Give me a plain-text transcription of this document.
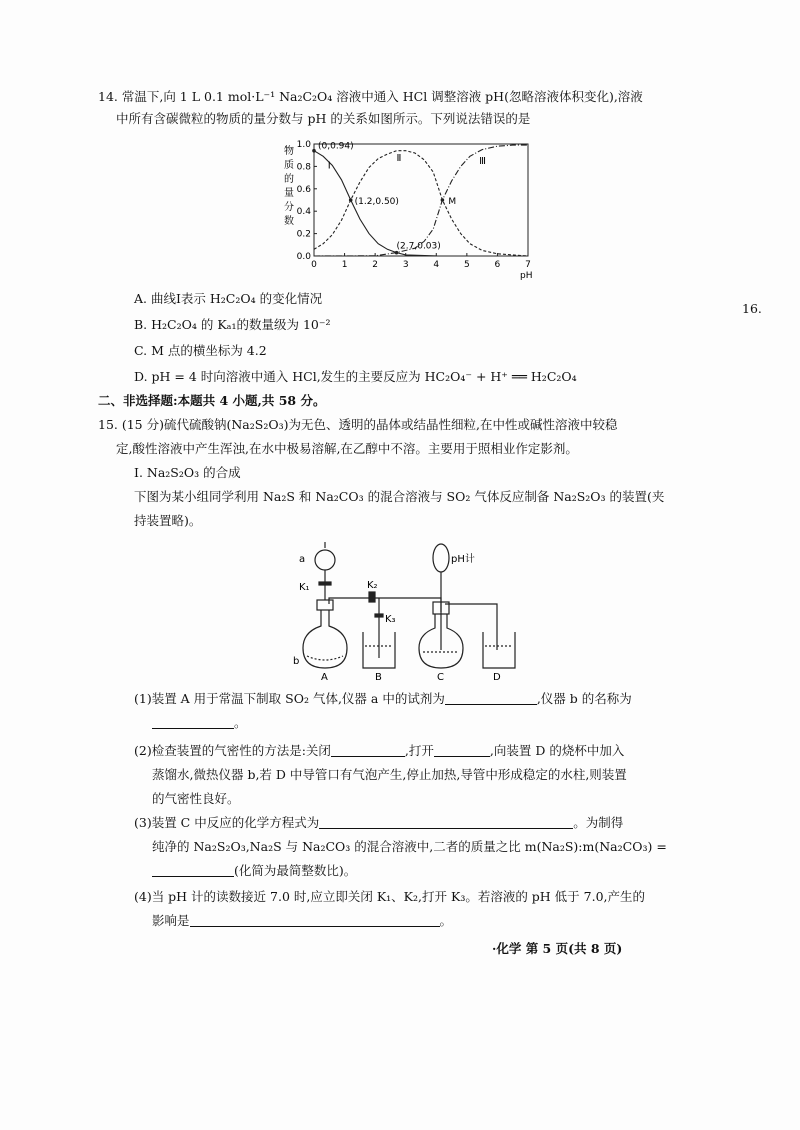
14. 常温下,向 1 L 0.1 mol·L⁻¹ Na₂C₂O₄ 溶液中通入 HCl 调整溶液 pH(忽略溶液体积变化),溶液
中所有含碳微粒的物质的量分数与 pH 的关系如图所示。下列说法错误的是
0.0
0.2
0.4
0.6
0.8
1.0
0	1	2	3	4	5	6	7
pH
物
质
的
量
分
数
Ⅰ
Ⅱ	Ⅲ
(0,0.94)
(1.2,0.50)
(2.7,0.03)
M
A. 曲线Ⅰ表示 H₂C₂O₄ 的变化情况
B. H₂C₂O₄ 的 Kₐ₁的数量级为 10⁻²
C. M 点的横坐标为 4.2
D. pH = 4 时向溶液中通入 HCl,发生的主要反应为 HC₂O₄⁻ + H⁺ ══ H₂C₂O₄
16.
二、非选择题:本题共 4 小题,共 58 分。
15. (15 分)硫代硫酸钠(Na₂S₂O₃)为无色、透明的晶体或结晶性细粒,在中性或碱性溶液中较稳
定,酸性溶液中产生浑浊,在水中极易溶解,在乙醇中不溶。主要用于照相业作定影剂。
Ⅰ. Na₂S₂O₃ 的合成
下图为某小组同学利用 Na₂S 和 Na₂CO₃ 的混合溶液与 SO₂ 气体反应制备 Na₂S₂O₃ 的装置(夹
持装置略)。
a
K₁
b
K₂
K₃
pH计
A	B	C	D
(1)装置 A 用于常温下制取 SO₂ 气体,仪器 a 中的试剂为	,仪器 b 的名称为
。
(2)检查装置的气密性的方法是:关闭	,打开	,向装置 D 的烧杯中加入
蒸馏水,微热仪器 b,若 D 中导管口有气泡产生,停止加热,导管中形成稳定的水柱,则装置
的气密性良好。
(3)装置 C 中反应的化学方程式为	。为制得
纯净的 Na₂S₂O₃,Na₂S 与 Na₂CO₃ 的混合溶液中,二者的质量之比 m(Na₂S):m(Na₂CO₃) =
(化简为最简整数比)。
(4)当 pH 计的读数接近 7.0 时,应立即关闭 K₁、K₂,打开 K₃。若溶液的 pH 低于 7.0,产生的
影响是	。
·化学 第 5 页(共 8 页)
